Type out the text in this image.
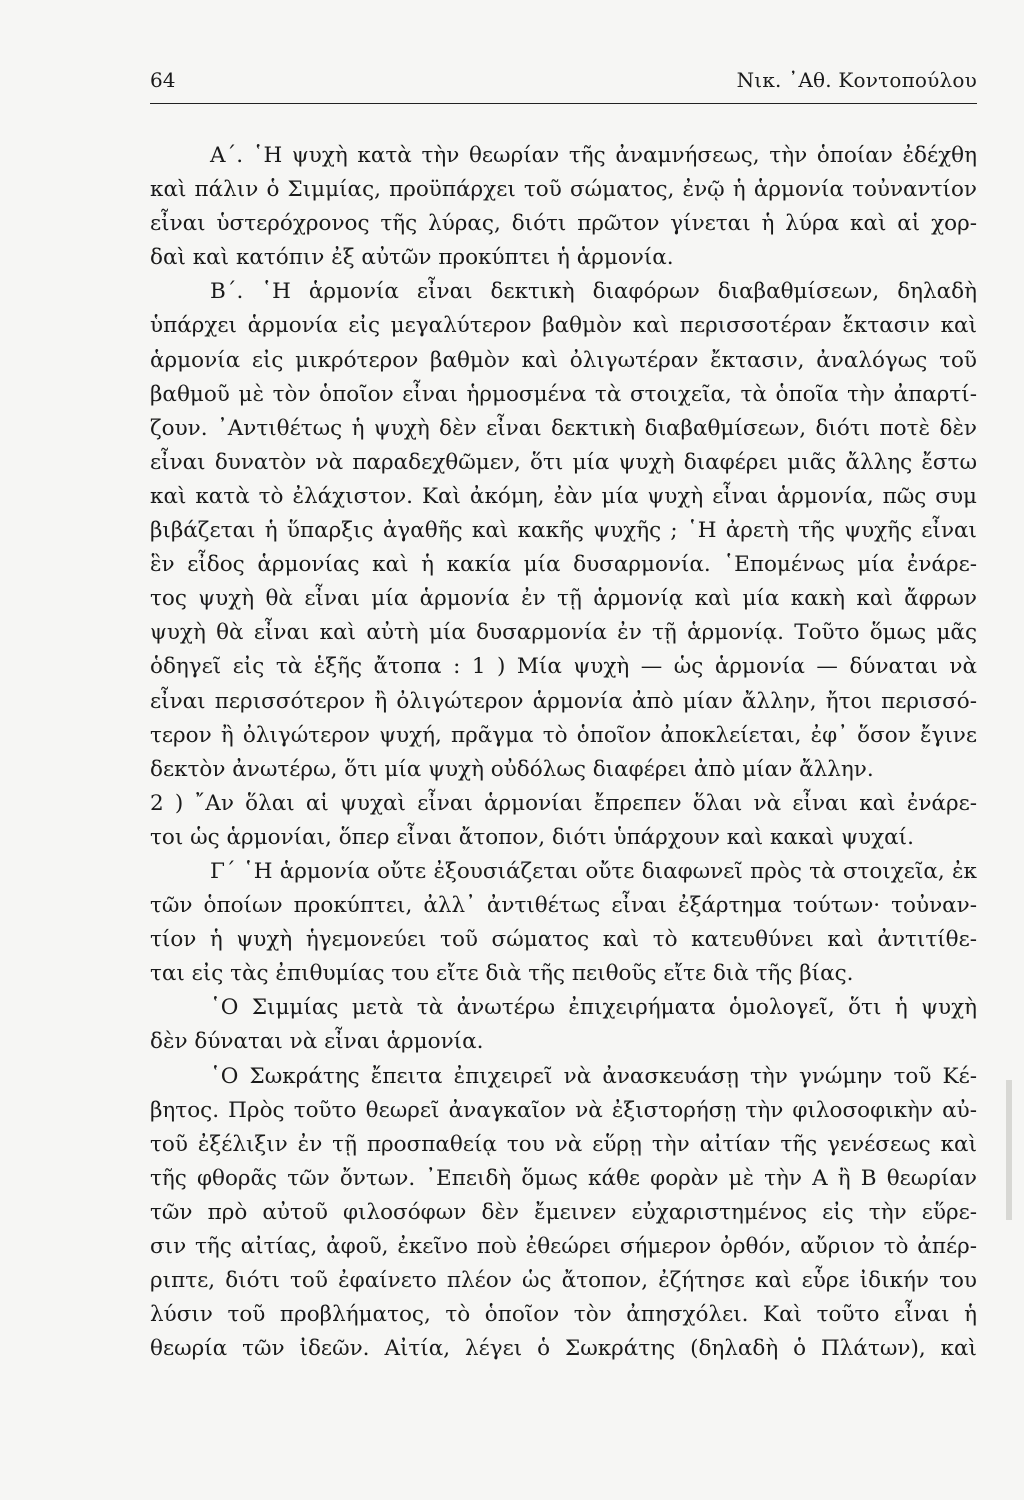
64	Νικ. ᾿Αθ. Κοντοπούλου
Α΄. ῾Η ψυχὴ κατὰ τὴν θεωρίαν τῆς ἀναμνήσεως, τὴν ὁποίαν ἐδέχθη
καὶ πάλιν ὁ Σιμμίας, προϋπάρχει τοῦ σώματος, ἐνῷ ἡ ἁρμονία τοὐναντίον
εἶναι ὑστερόχρονος τῆς λύρας, διότι πρῶτον γίνεται ἡ λύρα καὶ αἱ χορ-
δαὶ καὶ κατόπιν ἐξ αὐτῶν προκύπτει ἡ ἁρμονία.
Β΄. ῾Η ἁρμονία εἶναι δεκτικὴ διαφόρων διαβαθμίσεων, δηλαδὴ
ὑπάρχει ἁρμονία εἰς μεγαλύτερον βαθμὸν καὶ περισσοτέραν ἔκτασιν καὶ
ἁρμονία εἰς μικρότερον βαθμὸν καὶ ὀλιγωτέραν ἔκτασιν, ἀναλόγως τοῦ
βαθμοῦ μὲ τὸν ὁποῖον εἶναι ἡρμοσμένα τὰ στοιχεῖα, τὰ ὁποῖα τὴν ἀπαρτί-
ζουν. ᾿Αντιθέτως ἡ ψυχὴ δὲν εἶναι δεκτικὴ διαβαθμίσεων, διότι ποτὲ δὲν
εἶναι δυνατὸν νὰ παραδεχθῶμεν, ὅτι μία ψυχὴ διαφέρει μιᾶς ἄλλης ἔστω
καὶ κατὰ τὸ ἐλάχιστον. Καὶ ἀκόμη, ἐὰν μία ψυχὴ εἶναι ἁρμονία, πῶς συμ
βιβάζεται ἡ ὕπαρξις ἀγαθῆς καὶ κακῆς ψυχῆς ; ῾Η ἀρετὴ τῆς ψυχῆς εἶναι
ἓν εἶδος ἁρμονίας καὶ ἡ κακία μία δυσαρμονία. ῾Επομένως μία ἐνάρε-
τος ψυχὴ θὰ εἶναι μία ἁρμονία ἐν τῇ ἁρμονίᾳ καὶ μία κακὴ καὶ ἄφρων
ψυχὴ θὰ εἶναι καὶ αὐτὴ μία δυσαρμονία ἐν τῇ ἁρμονίᾳ. Τοῦτο ὅμως μᾶς
ὁδηγεῖ εἰς τὰ ἑξῆς ἄτοπα : 1 ) Μία ψυχὴ — ὡς ἁρμονία — δύναται νὰ
εἶναι περισσότερον ἢ ὀλιγώτερον ἁρμονία ἀπὸ μίαν ἄλλην, ἤτοι περισσό-
τερον ἢ ὀλιγώτερον ψυχή, πρᾶγμα τὸ ὁποῖον ἀποκλείεται, ἐφ᾿ ὅσον ἔγινε
δεκτὸν ἀνωτέρω, ὅτι μία ψυχὴ οὐδόλως διαφέρει ἀπὸ μίαν ἄλλην.
2 ) ῎Αν ὅλαι αἱ ψυχαὶ εἶναι ἁρμονίαι ἔπρεπεν ὅλαι νὰ εἶναι καὶ ἐνάρε-
τοι ὡς ἁρμονίαι, ὅπερ εἶναι ἄτοπον, διότι ὑπάρχουν καὶ κακαὶ ψυχαί.
Γ΄ ῾Η ἁρμονία οὔτε ἐξουσιάζεται οὔτε διαφωνεῖ πρὸς τὰ στοιχεῖα, ἐκ
τῶν ὁποίων προκύπτει, ἀλλ᾿ ἀντιθέτως εἶναι ἐξάρτημα τούτων· τοὐναν-
τίον ἡ ψυχὴ ἡγεμονεύει τοῦ σώματος καὶ τὸ κατευθύνει καὶ ἀντιτίθε-
ται εἰς τὰς ἐπιθυμίας του εἴτε διὰ τῆς πειθοῦς εἴτε διὰ τῆς βίας.
῾Ο Σιμμίας μετὰ τὰ ἀνωτέρω ἐπιχειρήματα ὁμολογεῖ, ὅτι ἡ ψυχὴ
δὲν δύναται νὰ εἶναι ἁρμονία.
῾Ο Σωκράτης ἔπειτα ἐπιχειρεῖ νὰ ἀνασκευάσῃ τὴν γνώμην τοῦ Κέ-
βητος. Πρὸς τοῦτο θεωρεῖ ἀναγκαῖον νὰ ἐξιστορήσῃ τὴν φιλοσοφικὴν αὐ-
τοῦ ἐξέλιξιν ἐν τῇ προσπαθείᾳ του νὰ εὕρῃ τὴν αἰτίαν τῆς γενέσεως καὶ
τῆς φθορᾶς τῶν ὄντων. ᾿Επειδὴ ὅμως κάθε φορὰν μὲ τὴν Α ἢ Β θεωρίαν
τῶν πρὸ αὐτοῦ φιλοσόφων δὲν ἔμεινεν εὐχαριστημένος εἰς τὴν εὕρε-
σιν τῆς αἰτίας, ἀφοῦ, ἐκεῖνο ποὺ ἐθεώρει σήμερον ὀρθόν, αὔριον τὸ ἀπέρ-
ριπτε, διότι τοῦ ἐφαίνετο πλέον ὡς ἄτοπον, ἐζήτησε καὶ εὗρε ἰδικήν του
λύσιν τοῦ προβλήματος, τὸ ὁποῖον τὸν ἀπησχόλει. Καὶ τοῦτο εἶναι ἡ
θεωρία τῶν ἰδεῶν. Αἰτία, λέγει ὁ Σωκράτης (δηλαδὴ ὁ Πλάτων), καὶ
